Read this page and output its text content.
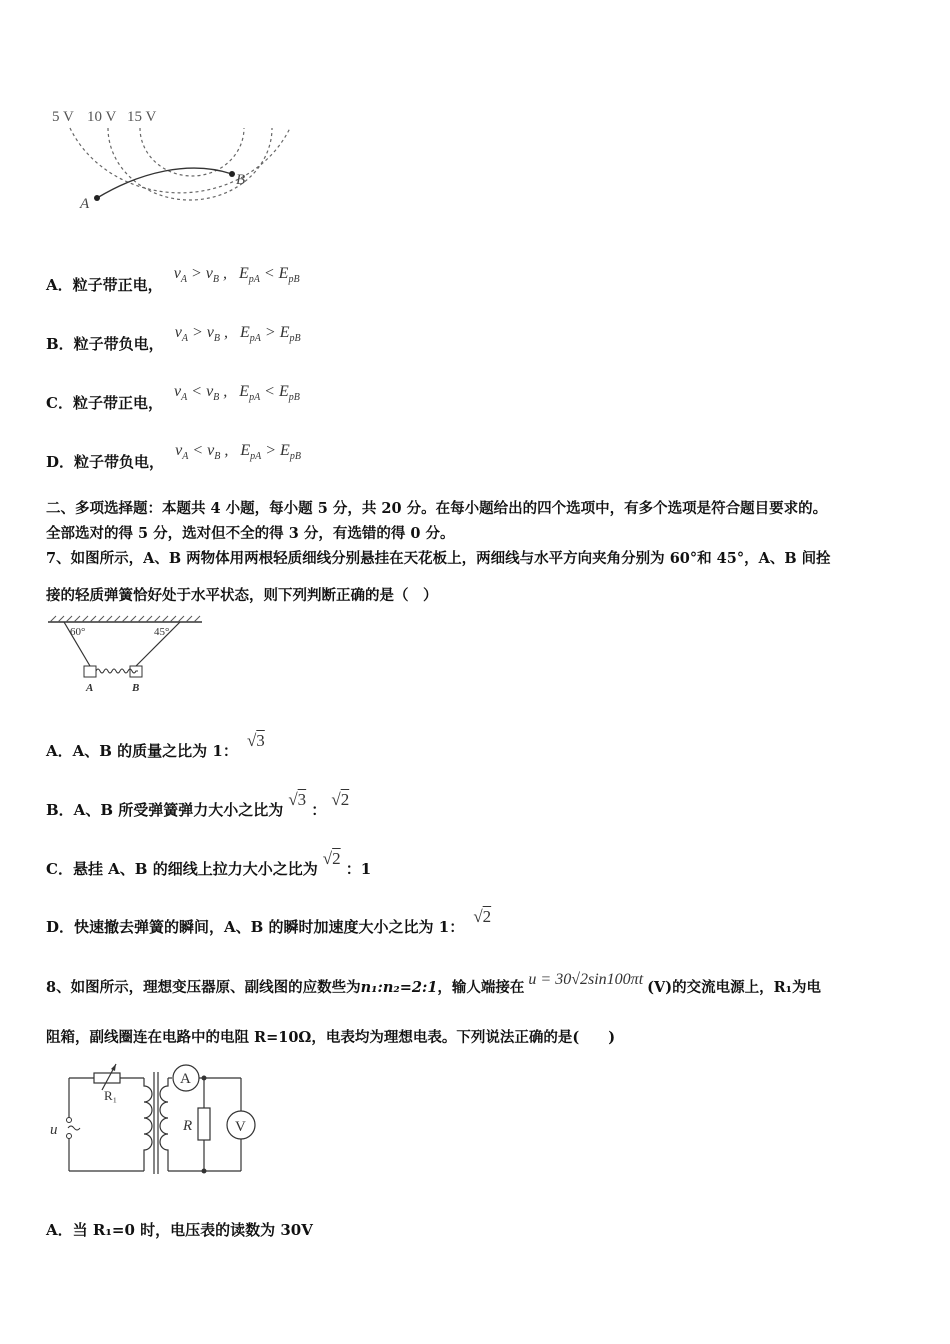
5 V 10 V 15 V
A
B
A．粒子带正电， $v_A > v_B$ ,   $E_{pA} < E_{pB}$
B．粒子带负电， $v_A > v_B$ ,   $E_{pA} > E_{pB}$
C．粒子带正电， $v_A < v_B$ ,   $E_{pA} < E_{pB}$
D．粒子带负电， $v_A < v_B$ ,   $E_{pA} > E_{pB}$
二、多项选择题：本题共 4 小题，每小题 5 分，共 20 分。在每小题给出的四个选项中，有多个选项是符合题目要求的。
全部选对的得 5 分，选对但不全的得 3 分，有选错的得 0 分。
7、如图所示，A、B 两物体用两根轻质细线分别悬挂在天花板上，两细线与水平方向夹角分别为 60°和 45°，A、B 间拴
接的轻质弹簧恰好处于水平状态，则下列判断正确的是（　）
60°	45°
A	B
A．A、B 的质量之比为 1： √3
B．A、B 所受弹簧弹力大小之比为 √3 ： √2
C．悬挂 A、B 的细线上拉力大小之比为 √2 ：1
D．快速撤去弹簧的瞬间，A、B 的瞬时加速度大小之比为 1： √2
8、如图所示，理想变压器原、副线图的应数些为n₁:n₂=2:1，输人端接在 u = 30√2sin100πt (V)的交流电源上，R₁为电
阻箱，副线圈连在电路中的电阻 R=10Ω，电表均为理想电表。下列说法正确的是(　　)
R₁
u
A
R	V
A．当 R₁=0 时，电压表的读数为 30V
